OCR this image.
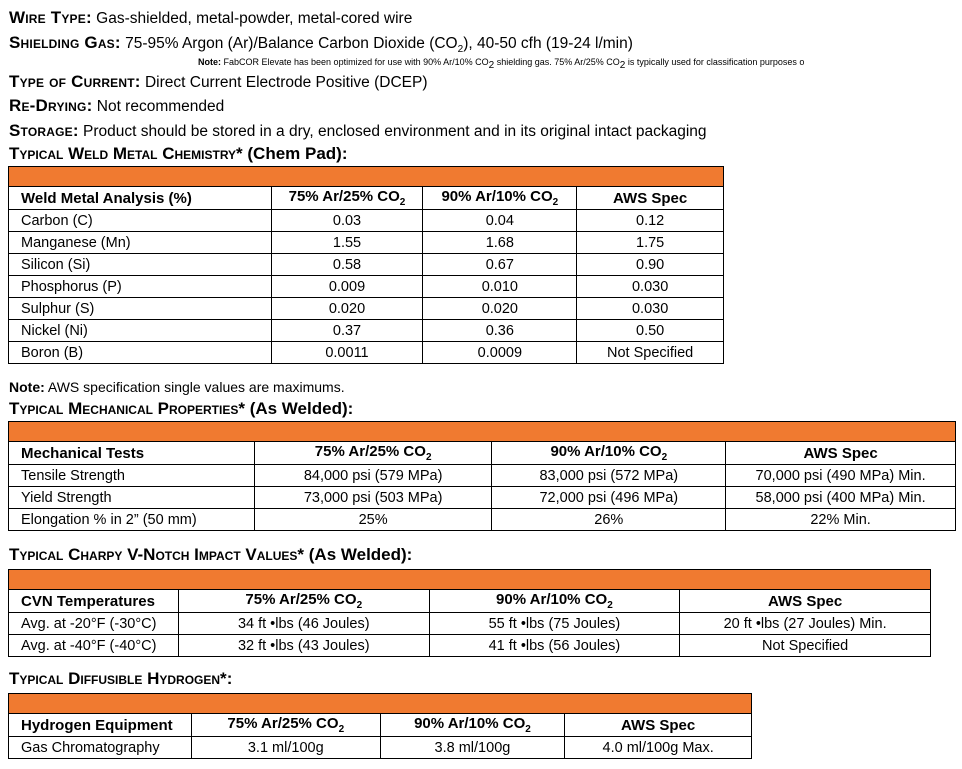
Wire Type: Gas-shielded, metal-powder, metal-cored wire
Shielding Gas: 75-95% Argon (Ar)/Balance Carbon Dioxide $(CO_2)$, 40-50 cfh (19-24 l/min)
Note: FabCOR Elevate has been optimized for use with 90% Ar/10% $CO_2$ shielding gas. 75% Ar/25% $CO_2$ is typically used for classification purposes o
Type of Current: Direct Current Electrode Positive (DCEP)
Re-Drying: Not recommended
Storage: Product should be stored in a dry, enclosed environment and in its original intact packaging
Typical Weld Metal Chemistry* (Chem Pad):

Weld Metal Analysis (%)	75% Ar/25% $CO_2$	90% Ar/10% $CO_2$	AWS Spec
Carbon (C)	0.03	0.04	0.12
Manganese (Mn)	1.55	1.68	1.75
Silicon (Si)	0.58	0.67	0.90
Phosphorus (P)	0.009	0.010	0.030
Sulphur (S)	0.020	0.020	0.030
Nickel (Ni)	0.37	0.36	0.50
Boron (B)	0.0011	0.0009	Not Specified
Note: AWS specification single values are maximums.
Typical Mechanical Properties* (As Welded):

Mechanical Tests	75% Ar/25% $CO_2$	90% Ar/10% $CO_2$	AWS Spec
Tensile Strength	84,000 psi (579 MPa)	83,000 psi (572 MPa)	70,000 psi (490 MPa) Min.
Yield Strength	73,000 psi (503 MPa)	72,000 psi (496 MPa)	58,000 psi (400 MPa) Min.
Elongation % in 2” (50 mm)	25%	26%	22% Min.
Typical Charpy V-Notch Impact Values* (As Welded):

CVN Temperatures	75% Ar/25% $CO_2$	90% Ar/10% $CO_2$	AWS Spec
Avg. at -20°F (-30°C)	34 ft •lbs (46 Joules)	55 ft •lbs (75 Joules)	20 ft •lbs (27 Joules) Min.
Avg. at -40°F (-40°C)	32 ft •lbs (43 Joules)	41 ft •lbs (56 Joules)	Not Specified
Typical Diffusible Hydrogen*:

Hydrogen Equipment	75% Ar/25% $CO_2$	90% Ar/10% $CO_2$	AWS Spec
Gas Chromatography	3.1 ml/100g	3.8 ml/100g	4.0 ml/100g Max.
